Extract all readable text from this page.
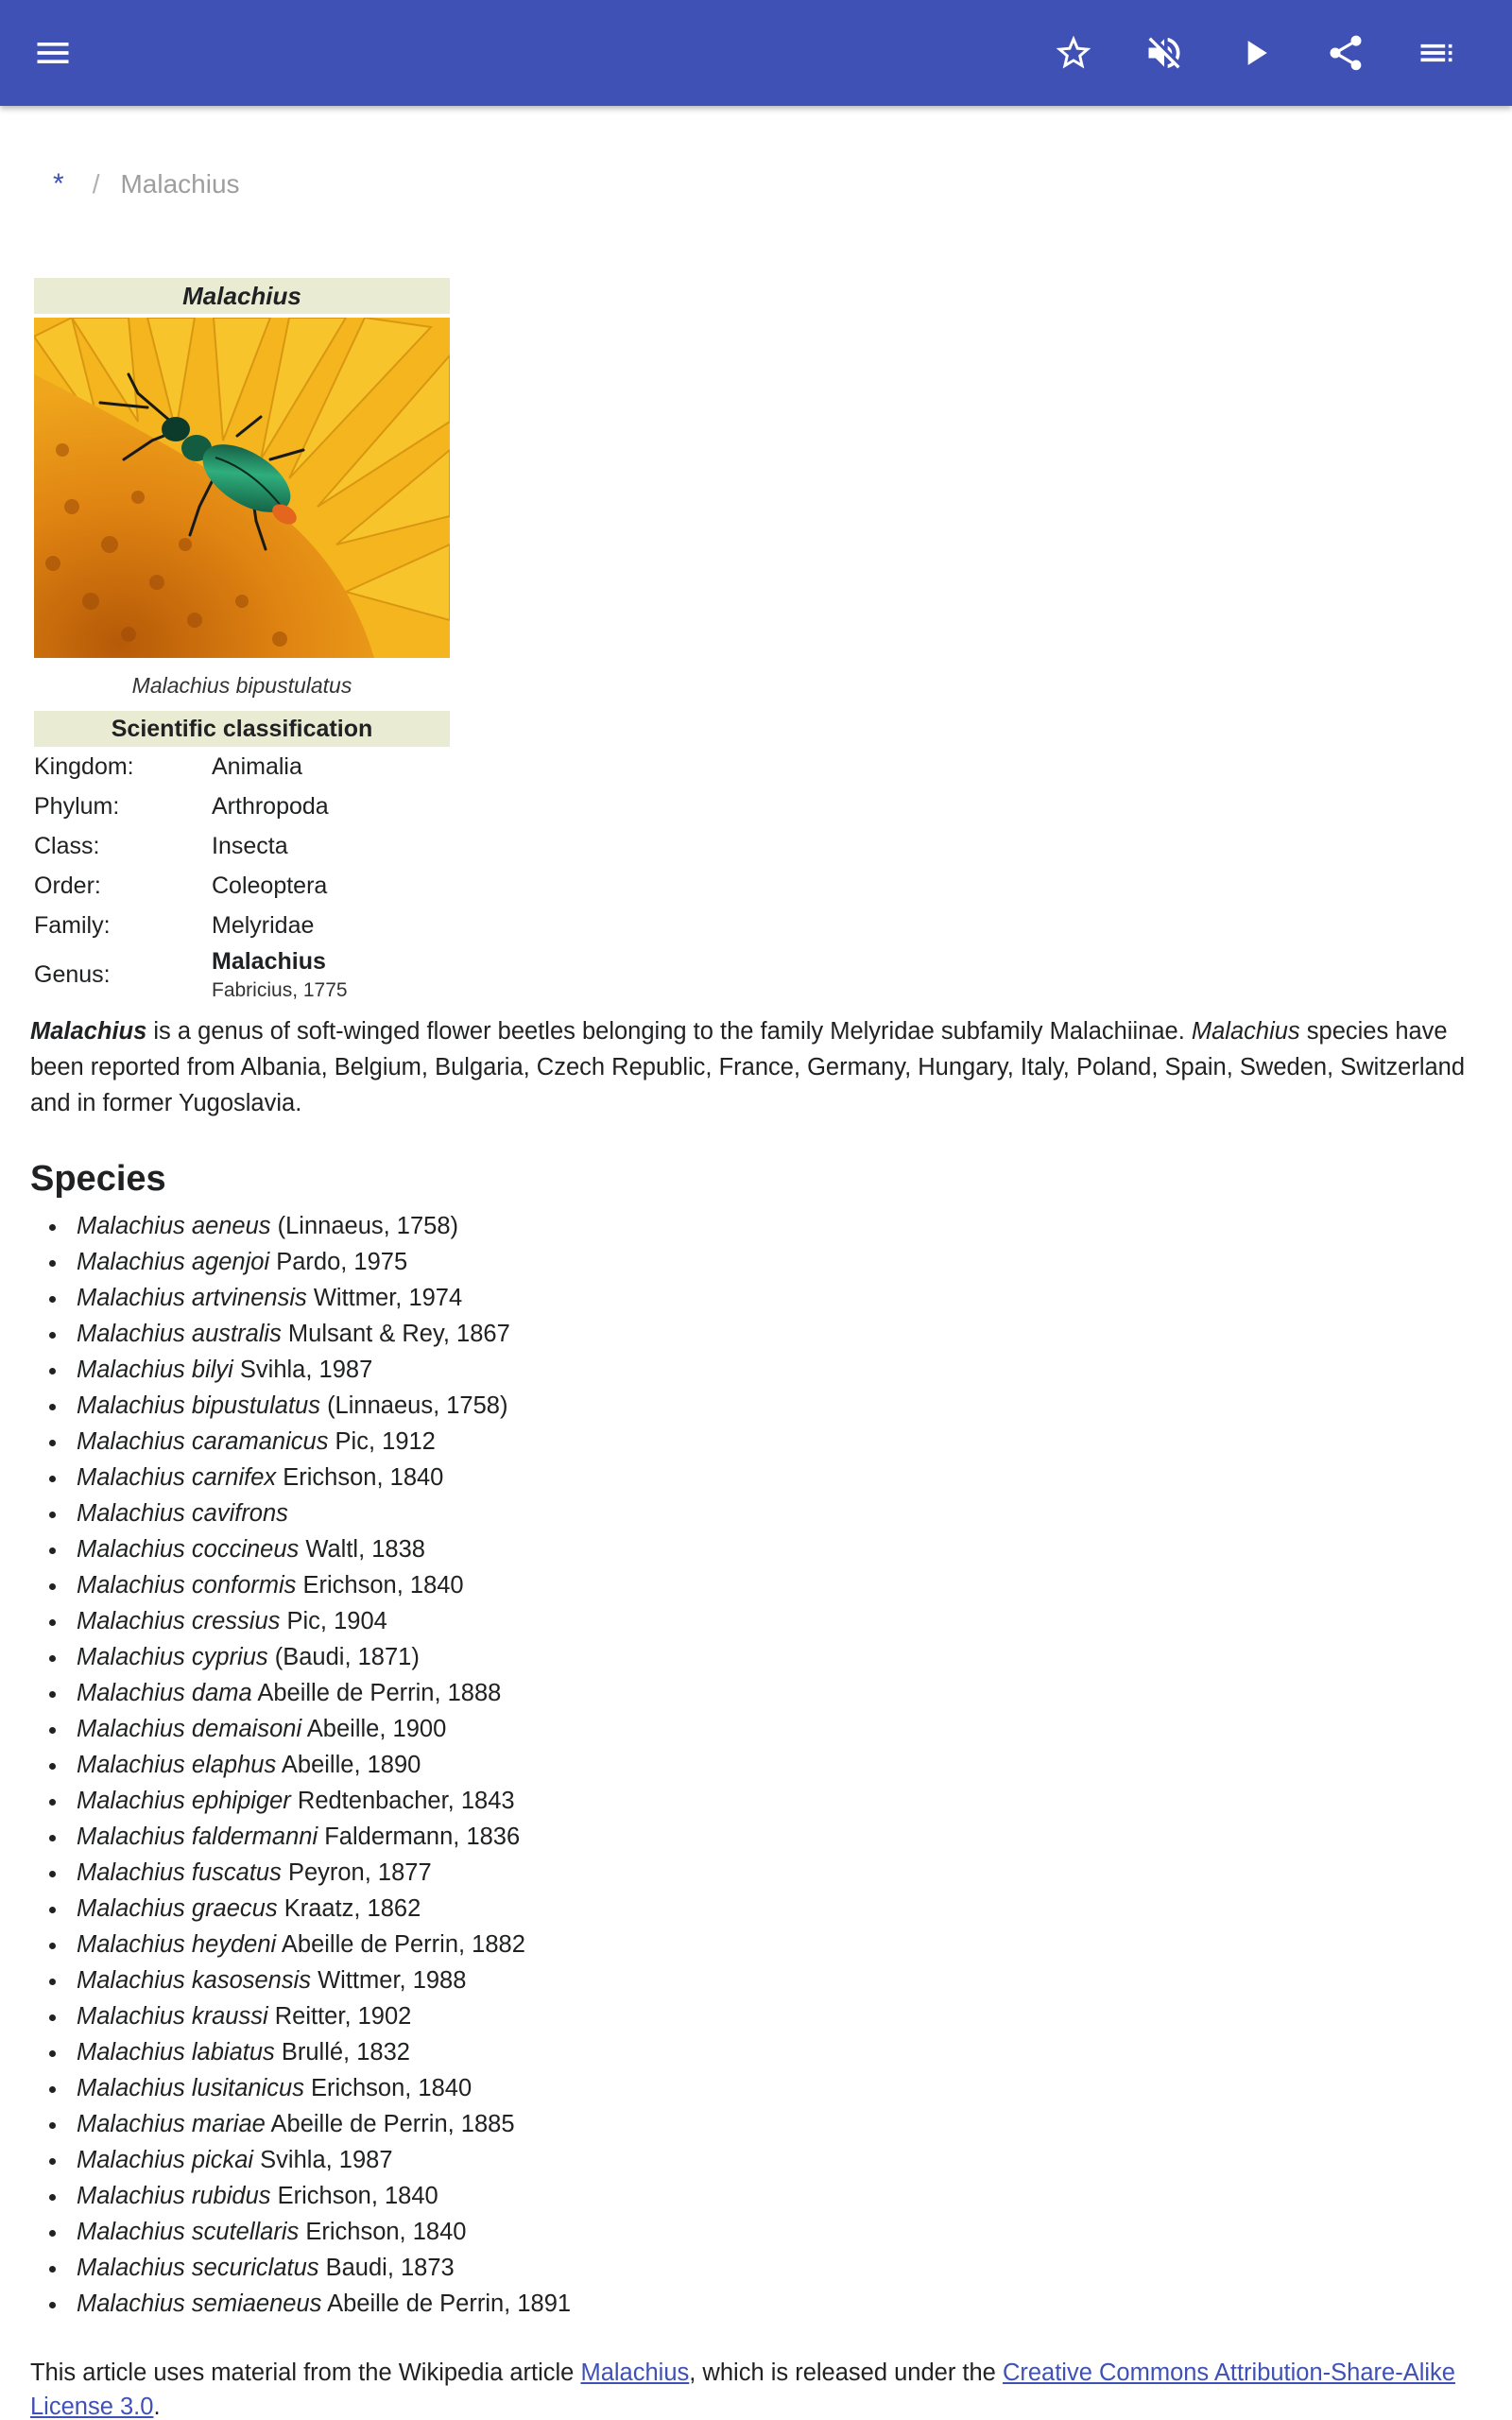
* / Malachius
Malachius
Malachius bipustulatus
Scientific classification
Kingdom:	Animalia
Phylum:	Arthropoda
Class:	Insecta
Order:	Coleoptera
Family:	Melyridae
Genus:	Malachius
Fabricius, 1775

Malachius is a genus of soft-winged flower beetles belonging to the family Melyridae subfamily Malachiinae. Malachius species have been reported from Albania, Belgium, Bulgaria, Czech Republic, France, Germany, Hungary, Italy, Poland, Spain, Sweden, Switzerland and in former Yugoslavia.

Species
Malachius aeneus (Linnaeus, 1758)
Malachius agenjoi Pardo, 1975
Malachius artvinensis Wittmer, 1974
Malachius australis Mulsant & Rey, 1867
Malachius bilyi Svihla, 1987
Malachius bipustulatus (Linnaeus, 1758)
Malachius caramanicus Pic, 1912
Malachius carnifex Erichson, 1840
Malachius cavifrons
Malachius coccineus Waltl, 1838
Malachius conformis Erichson, 1840
Malachius cressius Pic, 1904
Malachius cyprius (Baudi, 1871)
Malachius dama Abeille de Perrin, 1888
Malachius demaisoni Abeille, 1900
Malachius elaphus Abeille, 1890
Malachius ephipiger Redtenbacher, 1843
Malachius faldermanni Faldermann, 1836
Malachius fuscatus Peyron, 1877
Malachius graecus Kraatz, 1862
Malachius heydeni Abeille de Perrin, 1882
Malachius kasosensis Wittmer, 1988
Malachius kraussi Reitter, 1902
Malachius labiatus Brullé, 1832
Malachius lusitanicus Erichson, 1840
Malachius mariae Abeille de Perrin, 1885
Malachius pickai Svihla, 1987
Malachius rubidus Erichson, 1840
Malachius scutellaris Erichson, 1840
Malachius securiclatus Baudi, 1873
Malachius semiaeneus Abeille de Perrin, 1891

This article uses material from the Wikipedia article Malachius, which is released under the Creative Commons Attribution-Share-Alike License 3.0.
